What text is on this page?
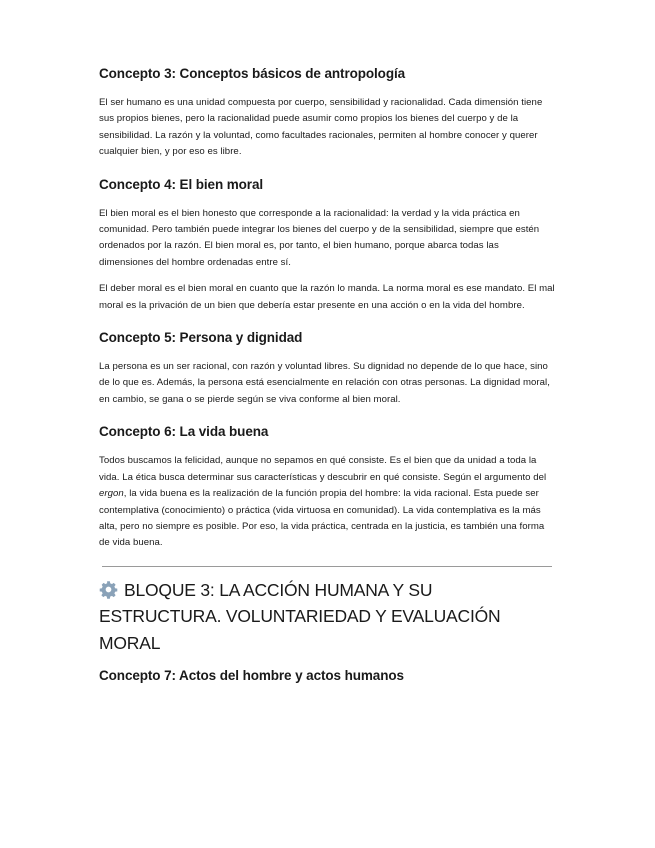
Concepto 3: Conceptos básicos de antropología

El ser humano es una unidad compuesta por cuerpo, sensibilidad y racionalidad. Cada dimensión tiene sus propios bienes, pero la racionalidad puede asumir como propios los bienes del cuerpo y de la sensibilidad. La razón y la voluntad, como facultades racionales, permiten al hombre conocer y querer cualquier bien, y por eso es libre.

Concepto 4: El bien moral

El bien moral es el bien honesto que corresponde a la racionalidad: la verdad y la vida práctica en comunidad. Pero también puede integrar los bienes del cuerpo y de la sensibilidad, siempre que estén ordenados por la razón. El bien moral es, por tanto, el bien humano, porque abarca todas las dimensiones del hombre ordenadas entre sí.

El deber moral es el bien moral en cuanto que la razón lo manda. La norma moral es ese mandato. El mal moral es la privación de un bien que debería estar presente en una acción o en la vida del hombre.

Concepto 5: Persona y dignidad

La persona es un ser racional, con razón y voluntad libres. Su dignidad no depende de lo que hace, sino de lo que es. Además, la persona está esencialmente en relación con otras personas. La dignidad moral, en cambio, se gana o se pierde según se viva conforme al bien moral.

Concepto 6: La vida buena

Todos buscamos la felicidad, aunque no sepamos en qué consiste. Es el bien que da unidad a toda la vida. La ética busca determinar sus características y descubrir en qué consiste. Según el argumento del ergon, la vida buena es la realización de la función propia del hombre: la vida racional. Esta puede ser contemplativa (conocimiento) o práctica (vida virtuosa en comunidad). La vida contemplativa es la más alta, pero no siempre es posible. Por eso, la vida práctica, centrada en la justicia, es también una forma de vida buena.

BLOQUE 3: LA ACCIÓN HUMANA Y SU ESTRUCTURA. VOLUNTARIEDAD Y EVALUACIÓN MORAL
Concepto 7: Actos del hombre y actos humanos
